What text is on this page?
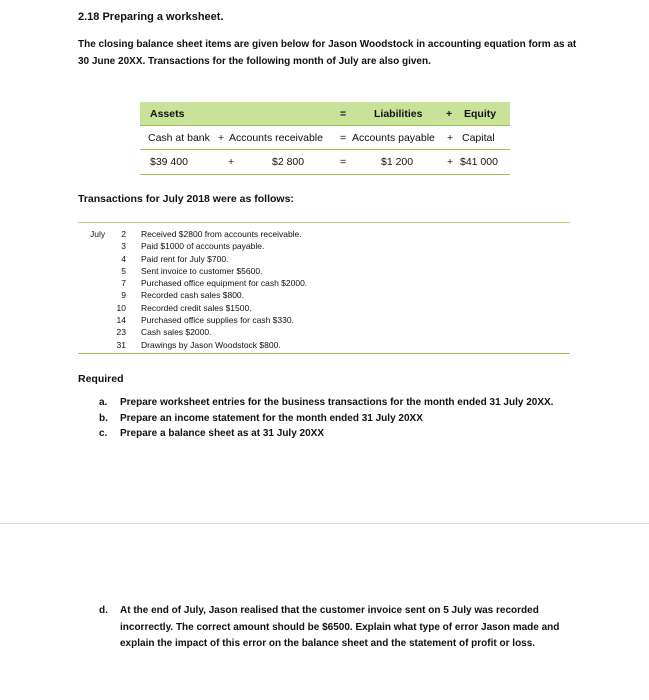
2.18 Preparing a worksheet.
The closing balance sheet items are given below for Jason Woodstock in accounting equation form as at 30 June 20XX. Transactions for the following month of July are also given.
Assets	=	Liabilities + Equity
Cash at bank + Accounts receivable = Accounts payable + Capital
$39 400	+	$2 800	=	$1 200	+ $41 000
Transactions for July 2018 were as follows:
July	2 Received $2800 from accounts receivable.
3 Paid $1000 of accounts payable.
4 Paid rent for July $700.
5 Sent invoice to customer $5600.
7 Purchased office equipment for cash $2000.
9 Recorded cash sales $800.
10 Recorded credit sales $1500.
14 Purchased office supplies for cash $330.
23 Cash sales $2000.
31 Drawings by Jason Woodstock $800.
Required
a.	Prepare worksheet entries for the business transactions for the month ended 31 July 20XX.
b.	Prepare an income statement for the month ended 31 July 20XX
c.	Prepare a balance sheet as at 31 July 20XX
d.	At the end of July, Jason realised that the customer invoice sent on 5 July was recorded incorrectly. The correct amount should be $6500. Explain what type of error Jason made and explain the impact of this error on the balance sheet and the statement of profit or loss.
